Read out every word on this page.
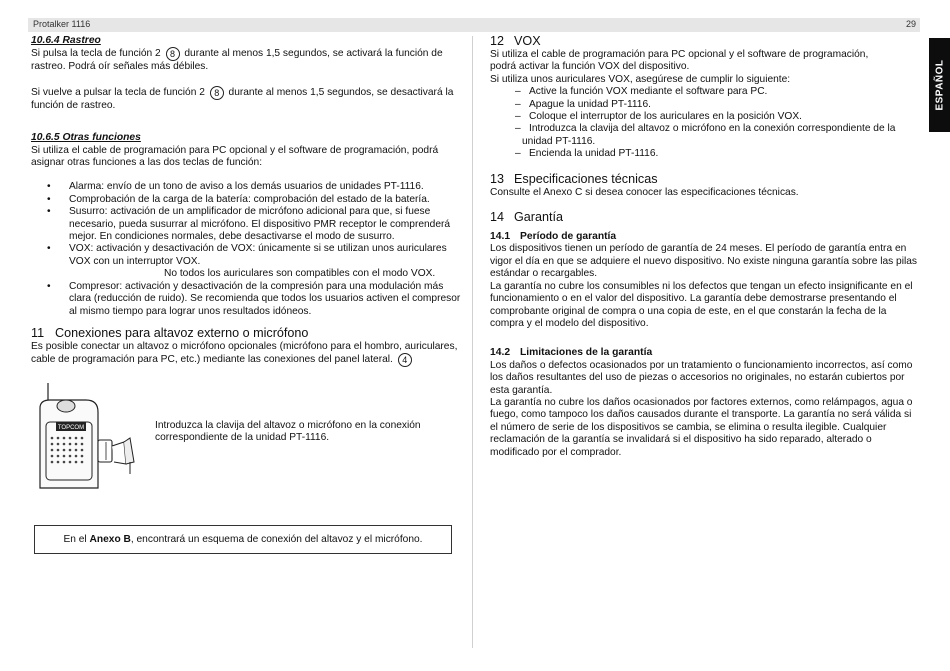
Protalker 1116	29
ESPAÑOL

10.6.4 Rastreo

Si pulsa la tecla de función 2 8 durante al menos 1,5 segundos, se activará la función de rastreo. Podrá oír señales más débiles.

Si vuelve a pulsar la tecla de función 2 8 durante al menos 1,5 segundos, se desactivará la función de rastreo.

10.6.5 Otras funciones

Si utiliza el cable de programación para PC opcional y el software de programación, podrá asignar otras funciones a las dos teclas de función:

• Alarma: envío de un tono de aviso a los demás usuarios de unidades PT-1116.
• Comprobación de la carga de la batería: comprobación del estado de la batería.
• Susurro: activación de un amplificador de micrófono adicional para que, si fuese necesario, pueda susurrar al micrófono. El dispositivo PMR receptor le comprenderá mejor. En condiciones normales, debe desactivarse el modo de susurro.
• VOX: activación y desactivación de VOX: únicamente si se utilizan unos auriculares VOX con un interruptor VOX.
No todos los auriculares son compatibles con el modo VOX.
• Compresor: activación y desactivación de la compresión para una modulación más clara (reducción de ruido). Se recomienda que todos los usuarios activen el compresor al mismo tiempo para lograr unos resultados idóneos.

11 Conexiones para altavoz externo o micrófono

Es posible conectar un altavoz o micrófono opcionales (micrófono para el hombro, auriculares, cable de programación para PC, etc.) mediante las conexiones del panel lateral. 4

TOPCOM	Introduzca la clavija del altavoz o micrófono en la conexión correspondiente de la unidad PT-1116.
En el Anexo B, encontrará un esquema de conexión del altavoz y el micrófono.

12 VOX

Si utiliza el cable de programación para PC opcional y el software de programación,

podrá activar la función VOX del dispositivo.

Si utiliza unos auriculares VOX, asegúrese de cumplir lo siguiente:

– Active la función VOX mediante el software para PC.
– Apague la unidad PT-1116.
– Coloque el interruptor de los auriculares en la posición VOX.
– Introduzca la clavija del altavoz o micrófono en la conexión correspondiente de la

unidad PT-1116.

– Encienda la unidad PT-1116.

13 Especificaciones técnicas

Consulte el Anexo C si desea conocer las especificaciones técnicas.

14 Garantía

14.1 Período de garantía

Los dispositivos tienen un período de garantía de 24 meses. El período de garantía entra en vigor el día en que se adquiere el nuevo dispositivo. No existe ninguna garantía sobre las pilas estándar o recargables.

La garantía no cubre los consumibles ni los defectos que tengan un efecto insignificante en el funcionamiento o en el valor del dispositivo. La garantía debe demostrarse presentando el comprobante original de compra o una copia de este, en el que constarán la fecha de la compra y el modelo del dispositivo.

14.2 Limitaciones de la garantía

Los daños o defectos ocasionados por un tratamiento o funcionamiento incorrectos, así como los daños resultantes del uso de piezas o accesorios no originales, no estarán cubiertos por esta garantía.

La garantía no cubre los daños ocasionados por factores externos, como relámpagos, agua o fuego, como tampoco los daños causados durante el transporte. La garantía no será válida si el número de serie de los dispositivos se cambia, se elimina o resulta ilegible. Cualquier reclamación de la garantía se invalidará si el dispositivo ha sido reparado, alterado o modificado por el comprador.
